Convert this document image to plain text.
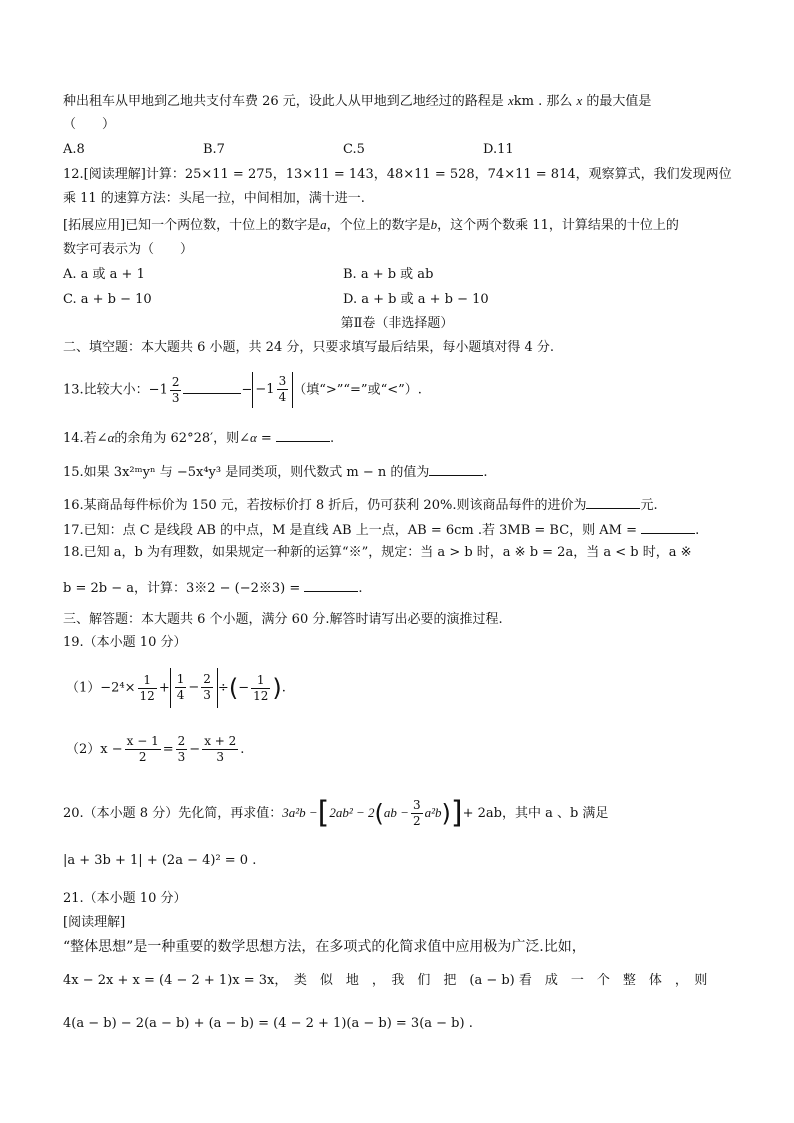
种出租车从甲地到乙地共支付车费 26 元，设此人从甲地到乙地经过的路程是 xkm . 那么 x 的最大值是
（　　）
A.8	B.7	C.5	D.11
12.[阅读理解]计算：25×11 = 275，13×11 = 143，48×11 = 528，74×11 = 814，观察算式，我们发现两位
乘 11 的速算方法：头尾一拉，中间相加，满十进一.
[拓展应用]已知一个两位数，十位上的数字是a，个位上的数字是b，这个两个数乘 11，计算结果的十位上的
数字可表示为（　　）
A. a 或 a + 1	B. a + b 或 ab
C. a + b − 10	D. a + b 或 a + b − 10
第Ⅱ卷（非选择题）
二、填空题：本大题共 6 小题，共 24 分，只要求填写最后结果，每小题填对得 4 分.
13.比较大小：$-1 \frac{2}{3}$	− $-1 \frac{3}{4}$ （填“>”“=”或“<”）.
14.若∠α的余角为 62°28′，则∠α =	.
15.如果 3x²ᵐyⁿ 与 −5x⁴y³ 是同类项，则代数式 m − n 的值为	.
16.某商品每件标价为 150 元，若按标价打 8 折后，仍可获利 20%.则该商品每件的进价为	元.
17.已知：点 C 是线段 AB 的中点，M 是直线 AB 上一点，AB = 6cm .若 3MB = BC，则 AM =	.
18.已知 a，b 为有理数，如果规定一种新的运算“※”，规定：当 a > b 时，a ※ b = 2a，当 a < b 时，a ※
b = 2b − a，计算：3※2 − (−2※3) =	.
三、解答题：本大题共 6 个小题，满分 60 分.解答时请写出必要的演推过程.
19.（本小题 10 分）
$(1)-2^4\times \frac{1}{12} + \frac{1}{4} - \frac{2}{3}$ ÷(− $\frac{1}{12}$ ).
$(2)x - \frac{x - 1}{2} = \frac{2}{3} - \frac{x + 2}{3}$ .
20.（本小题 8 分）先化简，再求值：$3a^2b -[2ab^2 - 2(ab - \frac{3}{2} a^2b)]+ 2ab$，其中 a 、b 满足
|a + 3b + 1| + (2a − 4)² = 0 .
21.（本小题 10 分）
[阅读理解]
“整体思想”是一种重要的数学思想方法，在多项式的化简求值中应用极为广泛.比如，
4x − 2x + x = (4 − 2 + 1)x = 3x，　类　似　地　，　我　们　把　(a − b) 看　成　一　个　整　体　，　则
4(a − b) − 2(a − b) + (a − b) = (4 − 2 + 1)(a − b) = 3(a − b) .
